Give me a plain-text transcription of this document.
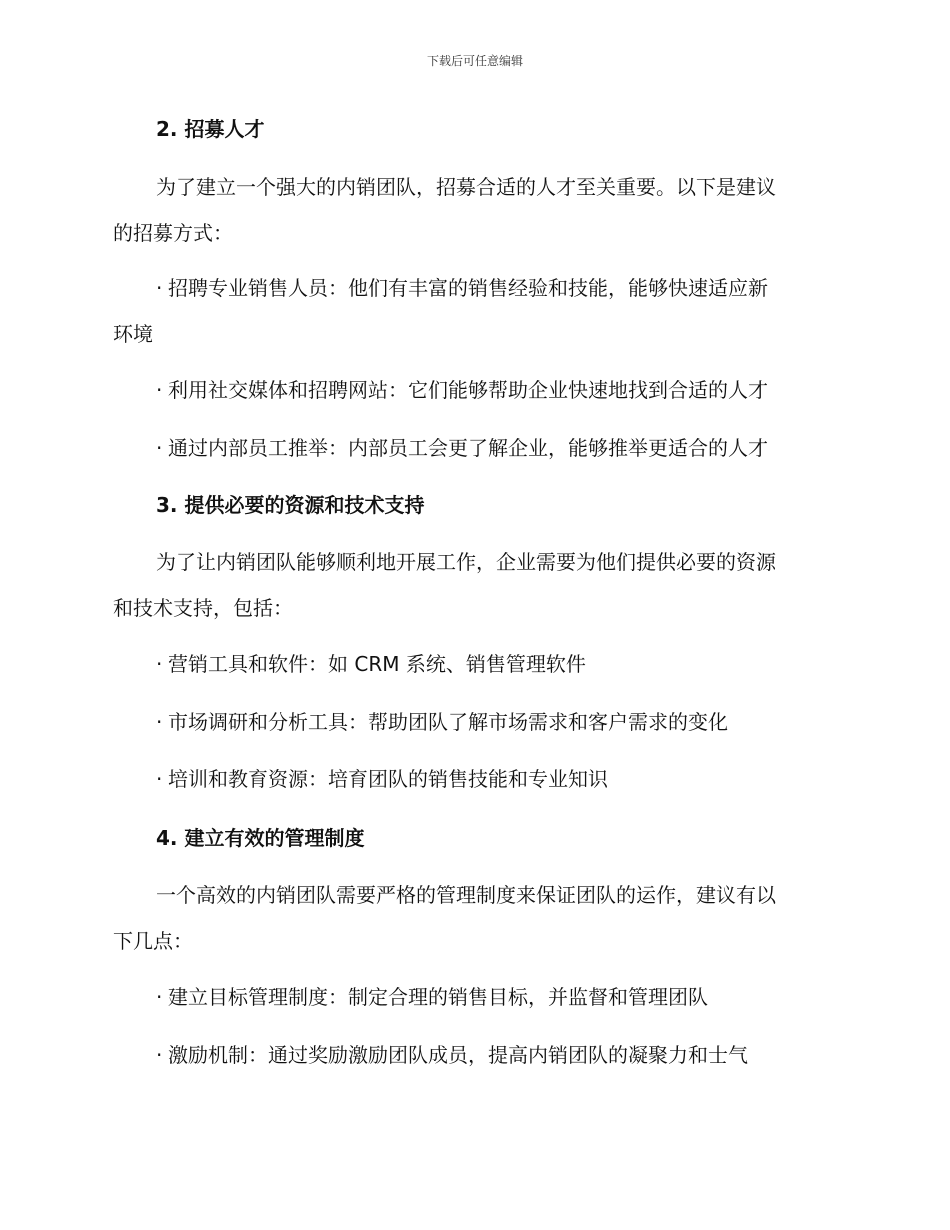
下载后可任意编辑
2. 招募人才
为了建立一个强大的内销团队，招募合适的人才至关重要。以下是建议
的招募方式：
· 招聘专业销售人员：他们有丰富的销售经验和技能，能够快速适应新
环境
· 利用社交媒体和招聘网站：它们能够帮助企业快速地找到合适的人才
· 通过内部员工推举：内部员工会更了解企业，能够推举更适合的人才
3. 提供必要的资源和技术支持
为了让内销团队能够顺利地开展工作，企业需要为他们提供必要的资源
和技术支持，包括：
· 营销工具和软件：如 CRM 系统、销售管理软件
· 市场调研和分析工具：帮助团队了解市场需求和客户需求的变化
· 培训和教育资源：培育团队的销售技能和专业知识
4. 建立有效的管理制度
一个高效的内销团队需要严格的管理制度来保证团队的运作，建议有以
下几点：
· 建立目标管理制度：制定合理的销售目标，并监督和管理团队
· 激励机制：通过奖励激励团队成员，提高内销团队的凝聚力和士气
